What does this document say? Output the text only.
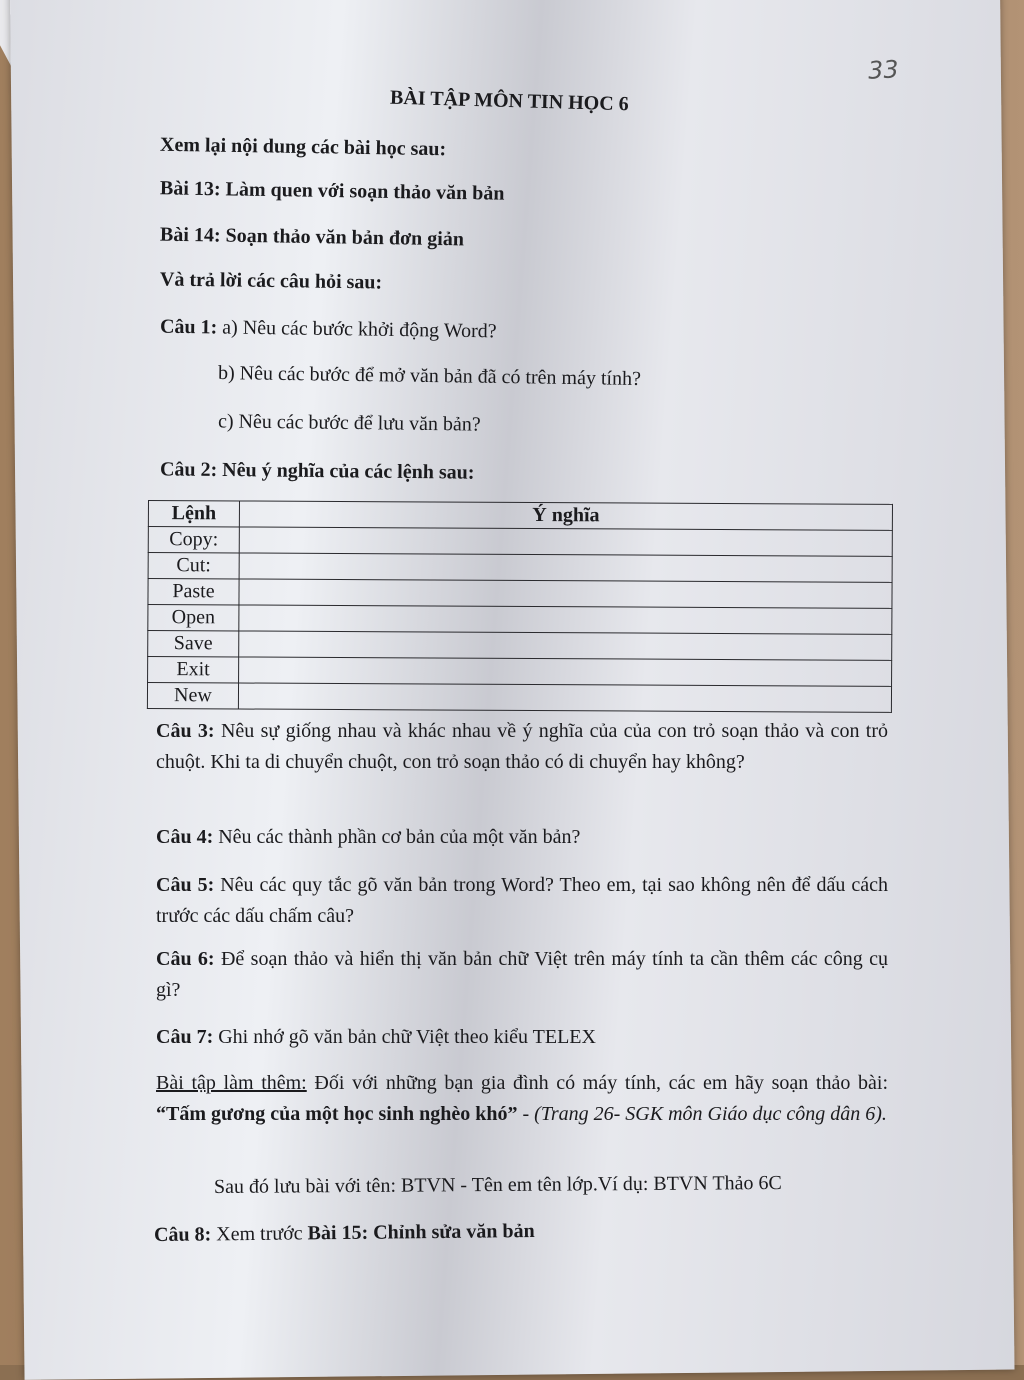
33
BÀI TẬP MÔN TIN HỌC 6
Xem lại nội dung các bài học sau:
Bài 13: Làm quen với soạn thảo văn bản
Bài 14: Soạn thảo văn bản đơn giản
Và trả lời các câu hỏi sau:
Câu 1: a) Nêu các bước khởi động Word?
b) Nêu các bước để mở văn bản đã có trên máy tính?
c) Nêu các bước để lưu văn bản?
Câu 2: Nêu ý nghĩa của các lệnh sau:
Lệnh	Ý nghĩa
Copy:	
Cut:	
Paste	
Open	
Save	
Exit	
New	
Câu 3: Nêu sự giống nhau và khác nhau về ý nghĩa của của con trỏ soạn thảo và con trỏ chuột. Khi ta di chuyển chuột, con trỏ soạn thảo có di chuyển hay không?
Câu 4: Nêu các thành phần cơ bản của một văn bản?
Câu 5: Nêu các quy tắc gõ văn bản trong Word? Theo em, tại sao không nên để dấu cách trước các dấu chấm câu?
Câu 6: Để soạn thảo và hiển thị văn bản chữ Việt trên máy tính ta cần thêm các công cụ gì?
Câu 7: Ghi nhớ gõ văn bản chữ Việt theo kiểu TELEX
Bài tập làm thêm: Đối với những bạn gia đình có máy tính, các em hãy soạn thảo bài: “Tấm gương của một học sinh nghèo khó” - (Trang 26- SGK môn Giáo dục công dân 6).
Sau đó lưu bài với tên: BTVN - Tên em tên lớp.Ví dụ: BTVN Thảo 6C
Câu 8: Xem trước Bài 15: Chỉnh sửa văn bản
